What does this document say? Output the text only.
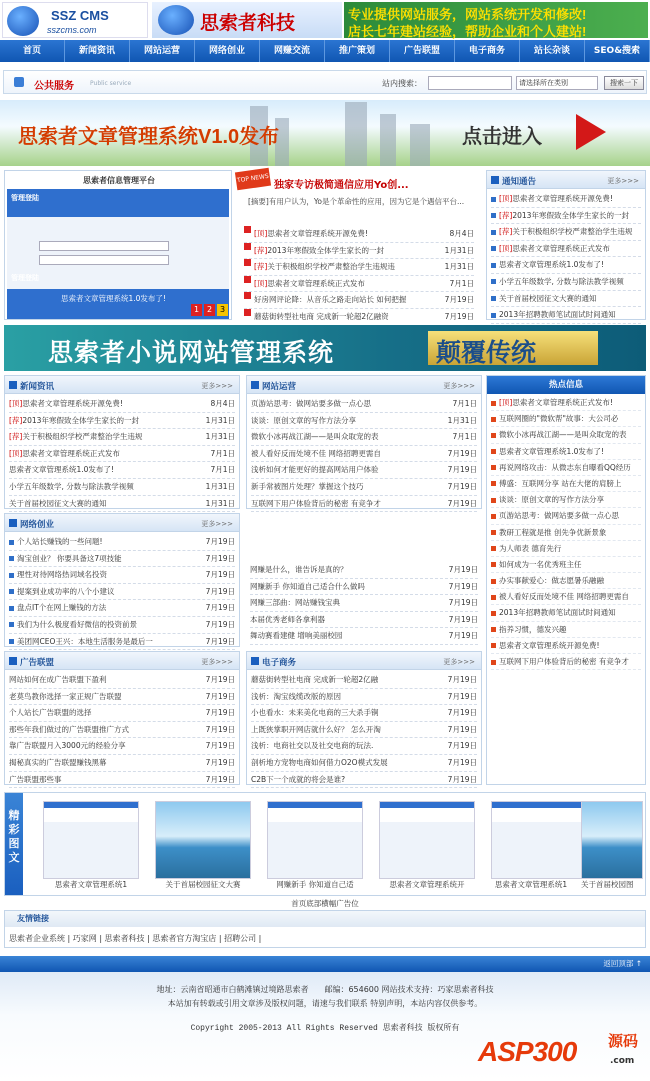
SSZ CMS
sszcms.com	思索者科技	专业提供网站服务，网站系统开发和修改!
店长七年建站经验，帮助企业和个人建站!
首页	新闻资讯	网站运营	网络创业	网赚交流	推广策划	广告联盟	电子商务	站长杂谈	SEO&搜索
公共服务	Public service	站内搜索：	请选择所在类别	搜索一下
思索者文章管理系统V1.0发布	点击进入
思索者信息管理平台
管理登陆
管理登陆
思索者文章管理系统1.0发布了!
1 2 3
TOP NEWS
独家专访极简通信应用Yo创...
[摘要]有用户认为，Yo是个革命性的应用，因为它是个遇信平台...
[顶]思索者文章管理系统开源免费!	8月4日
[荐]2013年寒假致全体学生家长的一封	1月31日
[荐]关于积极组织学校严肃整治学生违规违	1月31日
[顶]思索者文章管理系统正式发布	7月1日
好房网评论降：从音乐之路走向站长 如何把握	7月19日
蘑菇街转型社电商 完成新一轮超2亿融资	7月19日
通知通告	更多>>>
[顶]思索者文章管理系统开源免费!
[荐]2013年寒假致全体学生家长的一封
[荐]关于积极组织学校严肃整治学生违规
[顶]思索者文章管理系统正式发布
思索者文章管理系统1.0发布了!
小学五年级数学, 分数与除法教学视频
关于首届校园征文大赛的通知
2013年招聘教师笔试面试时间通知
思索者小说网站管理系统	颠覆传统
新闻资讯	更多>>>
[顶]思索者文章管理系统开源免费!	8月4日
[荐]2013年寒假致全体学生家长的一封	1月31日
[荐]关于积极组织学校严肃整治学生违规	1月31日
[顶]思索者文章管理系统正式发布	7月1日
思索者文章管理系统1.0发布了!	7月1日
小学五年级数学, 分数与除法教学视频	1月31日
关于首届校园征文大赛的通知	1月31日
网站运营	更多>>>
页游站思考：做网站要多做一点心思	7月1日
谈谈：原创文章的写作方法分享	1月31日
微软小冰再战江湖——是叫众取宠的表	7月1日
被人看好反而处境不佳 网络招聘更需自	7月19日
浅析如何才能更好的提高网站用户体验	7月19日
新手常被图片处理？掌握这个技巧	7月19日
互联网下用户体验背后的秘密 有竞争才	7月19日
网络创业	更多>>>
个人站长赚钱的一些问题!	7月19日
淘宝创业？ 你要具备这7项技能	7月19日
理性对待网络热词域名投资	7月19日
提案到业成功率的八个小建议	7月19日
盘点IT个在网上赚钱的方法	7月19日
我们为什么极度看好微信的投资前景	7月19日
美团网CEO王兴：本地生活服务是最后一	7月19日
网赚是什么，谁告诉是真的？	7月19日
网赚新手 你知道自己适合什么做吗	7月19日
网赚三部曲：网站赚钱宝典	7月19日
本届优秀老师各拿利器	7月19日
舞动赛看建健 增响美丽校园	7月19日
广告联盟	更多>>>
网站如何在成广告联盟下盈利	7月19日
老莫鸟教你选择一家正规广告联盟	7月19日
个人站长广告联盟的选择	7月19日
那些年我们做过的广告联盟推广方式	7月19日
靠广告联盟月入3000元的经验分享	7月19日
揭秘真实的广告联盟赚钱黑幕	7月19日
广告联盟那些事	7月19日
电子商务	更多>>>
蘑菇街转型社电商 完成新一轮超2亿融	7月19日
浅析：淘宝线缆改版的原因	7月19日
小也看水：未来美化电商的三大杀手锏	7月19日
上既狭掌职开网店就什么好？ 怎么开淘	7月19日
浅析：电商社交以及社交电商的玩法.	7月19日
剖析地方宠物电商如何借力O2O模式发展	7月19日
C2B下一个成就的将会是谁?	7月19日
热点信息
[顶]思索者文章管理系统正式发布!
互联网圈的"微软帮"故事：大公司必
微软小冰再战江湖——是叫众取宠的表
思索者文章管理系统1.0发布了!
再说网络攻击：从微志东自曝看QQ经历
傅盛：互联网分享 站在大佬的肩膀上
谈谈：原创文章的写作方法分享
页游站思考：做网站要多做一点心思
教研工程就是推 创先争优新景象
为人师表 德育先行
如何成为一名优秀班主任
办实事献爱心：做志愿暑乐融融
被人看好反而处境不佳 网络招聘更需自
2013年招聘教师笔试面试时间通知
指养习惯，德发兴趣
思索者文章管理系统开源免费!
互联网下用户体验背后的秘密 有竞争才
精
彩
图
文
思索者文章管理系统1	关于首届校园征文大赛	网赚新手 你知道自己适	思索者文章管理系统开	思索者文章管理系统1	关于首届校园图
首页底部横幅广告位
友情链接
思索者企业系统 | 巧家网 | 思索者科技 | 思索者官方淘宝店 | 招聘公司 |
返回顶部 ↑
地址：云南省昭通市白鹤滩镇过境路思索者　　邮编：654600 网站技术支持：巧家思索者科技
本站加有转载或引用文章涉及版权问题，请速与我们联系 特别声明，本站内容仅供参考。
Copyright 2005-2013 All Rights Reserved 思索者科技 版权所有
ASP300 源码
.com
